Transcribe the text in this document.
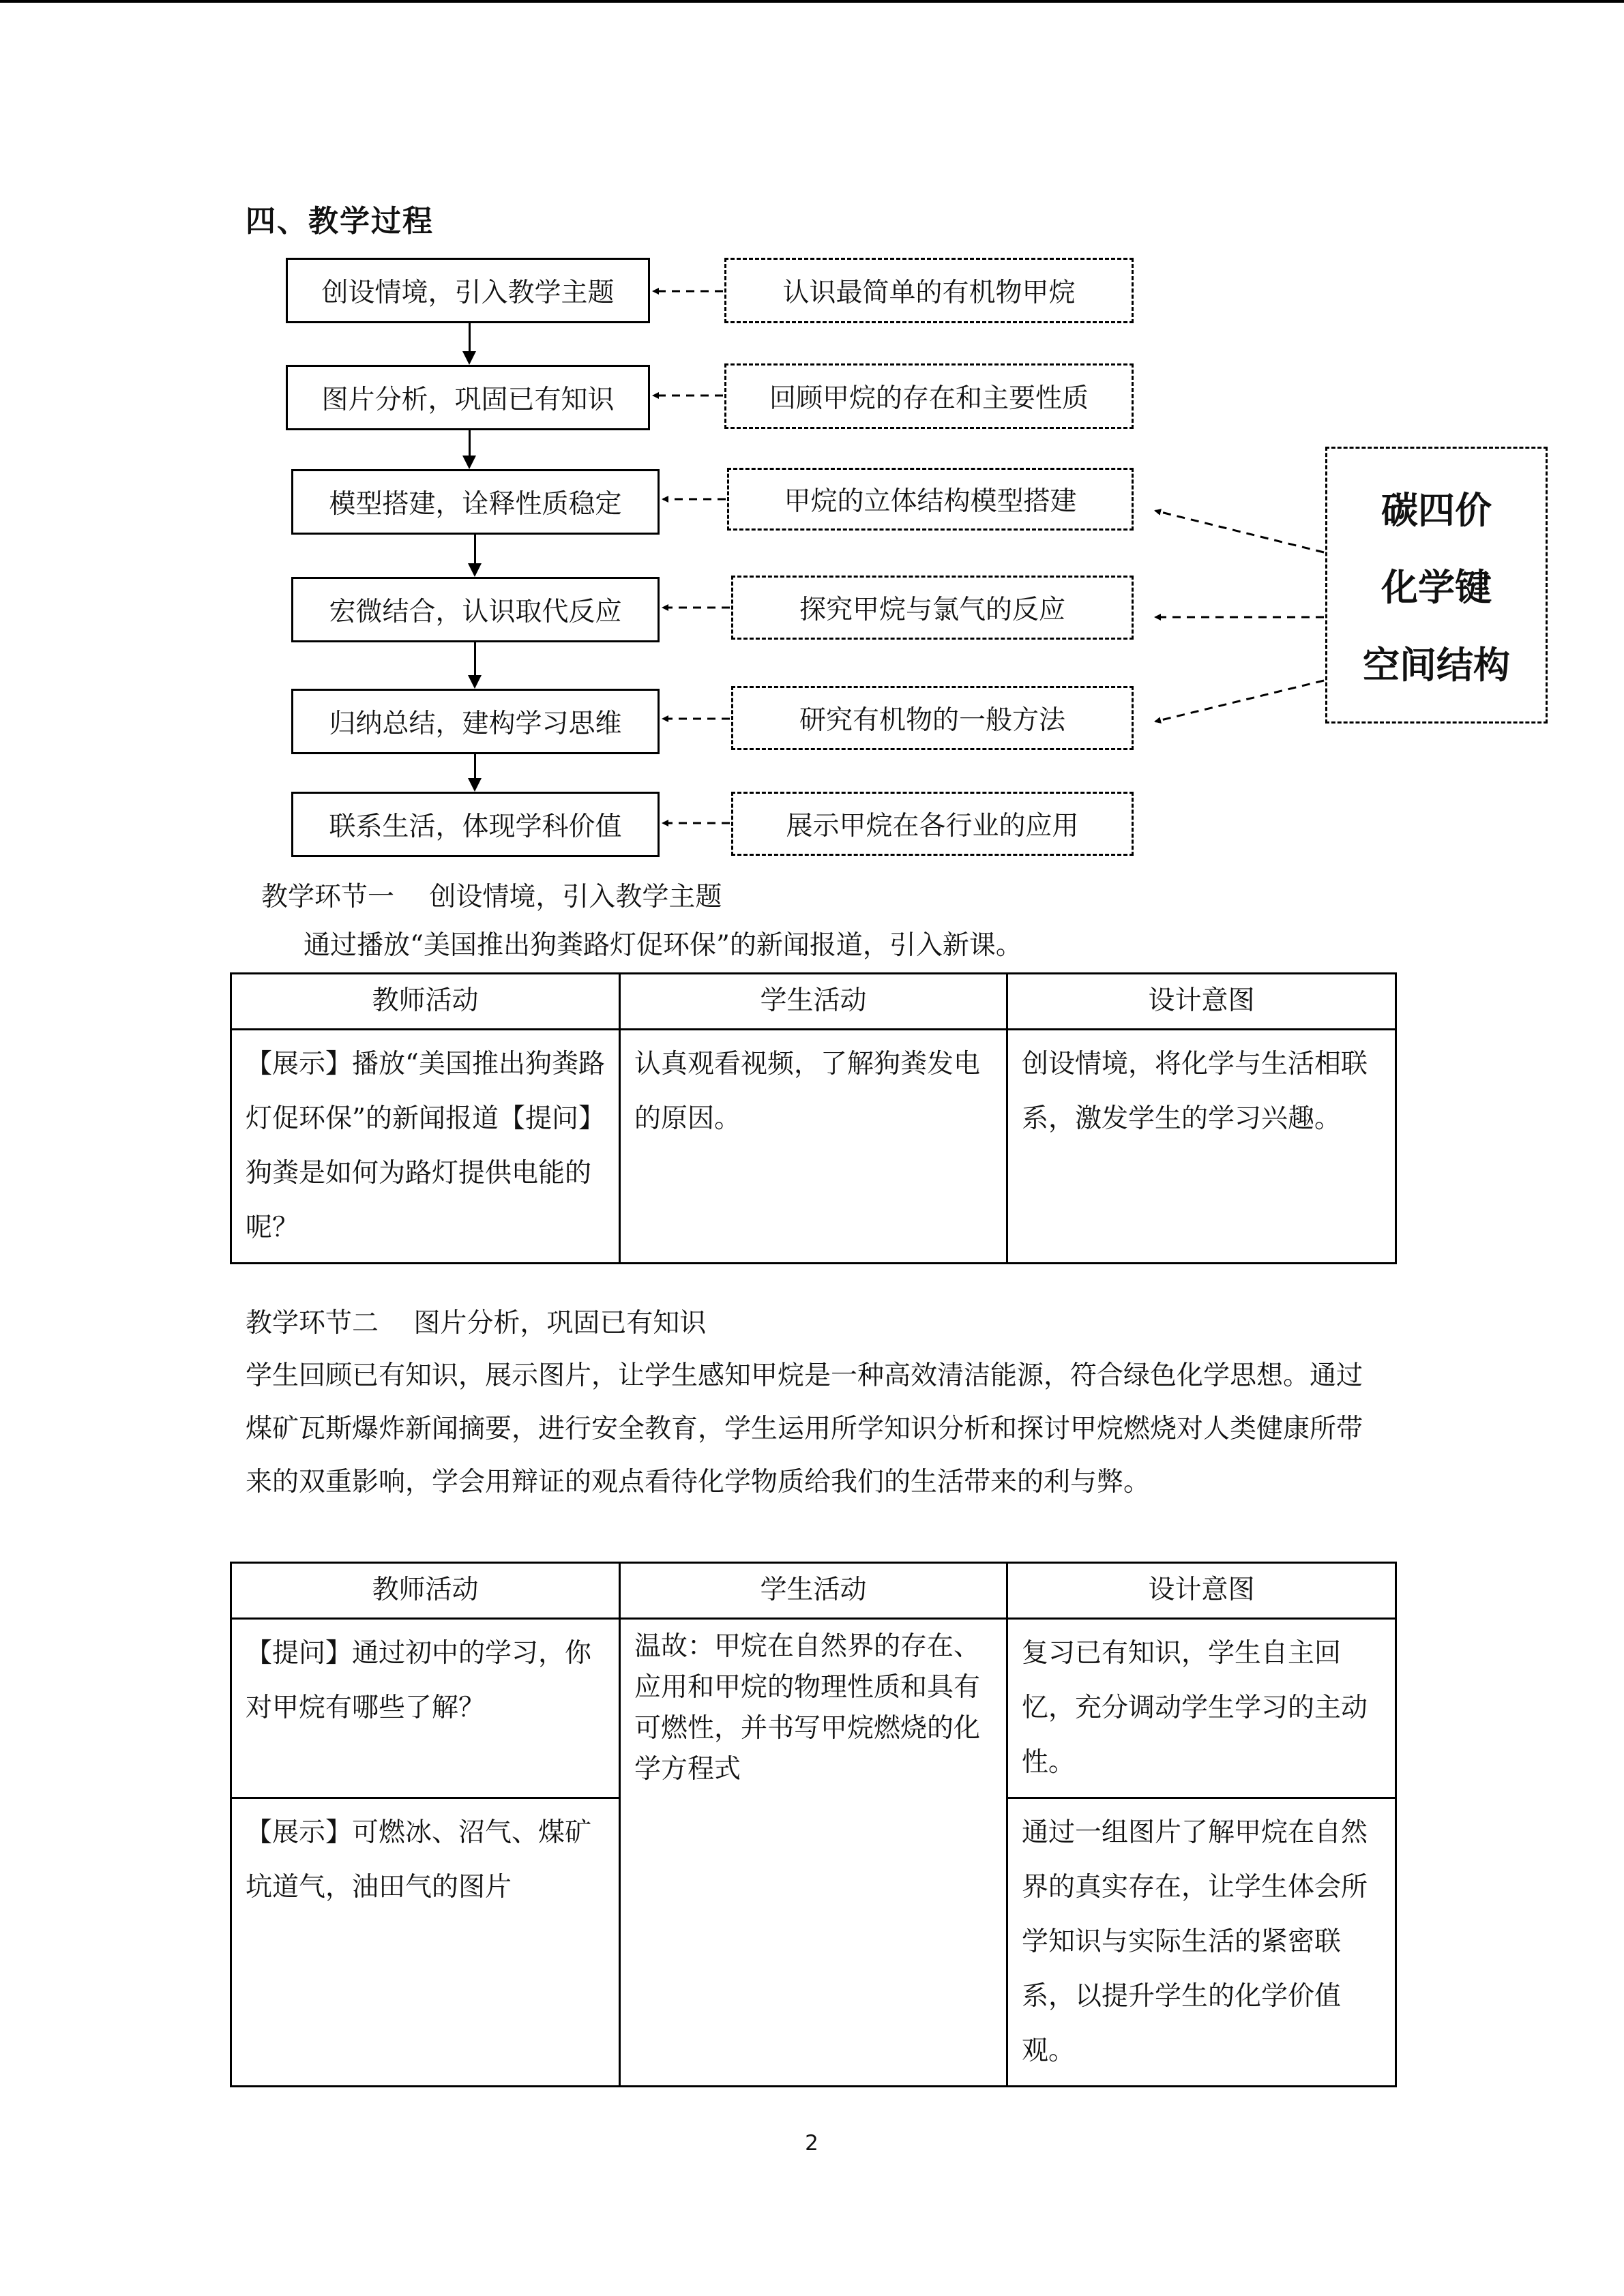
四、教学过程
创设情境，引入教学主题
图片分析，巩固已有知识
模型搭建，诠释性质稳定
宏微结合，认识取代反应
归纳总结，建构学习思维
联系生活，体现学科价值
认识最简单的有机物甲烷
回顾甲烷的存在和主要性质
甲烷的立体结构模型搭建
探究甲烷与氯气的反应
研究有机物的一般方法
展示甲烷在各行业的应用
碳四价
化学键
空间结构
教学环节一　 创设情境，引入教学主题
通过播放“美国推出狗粪路灯促环保”的新闻报道，引入新课。
教师活动	学生活动	设计意图
【展示】播放“美国推出狗粪路灯促环保”的新闻报道【提问】狗粪是如何为路灯提供电能的呢？	认真观看视频，了解狗粪发电的原因。	创设情境，将化学与生活相联系，激发学生的学习兴趣。
教学环节二　 图片分析，巩固已有知识
学生回顾已有知识，展示图片，让学生感知甲烷是一种高效清洁能源，符合绿色化学思想。通过煤矿瓦斯爆炸新闻摘要，进行安全教育，学生运用所学知识分析和探讨甲烷燃烧对人类健康所带来的双重影响，学会用辩证的观点看待化学物质给我们的生活带来的利与弊。
教师活动	学生活动	设计意图
【提问】通过初中的学习，你对甲烷有哪些了解？	温故：甲烷在自然界的存在、应用和甲烷的物理性质和具有可燃性，并书写甲烷燃烧的化学方程式	复习已有知识，学生自主回忆，充分调动学生学习的主动性。
【展示】可燃冰、沼气、煤矿坑道气，油田气的图片		通过一组图片了解甲烷在自然界的真实存在，让学生体会所学知识与实际生活的紧密联系，以提升学生的化学价值观。
2
